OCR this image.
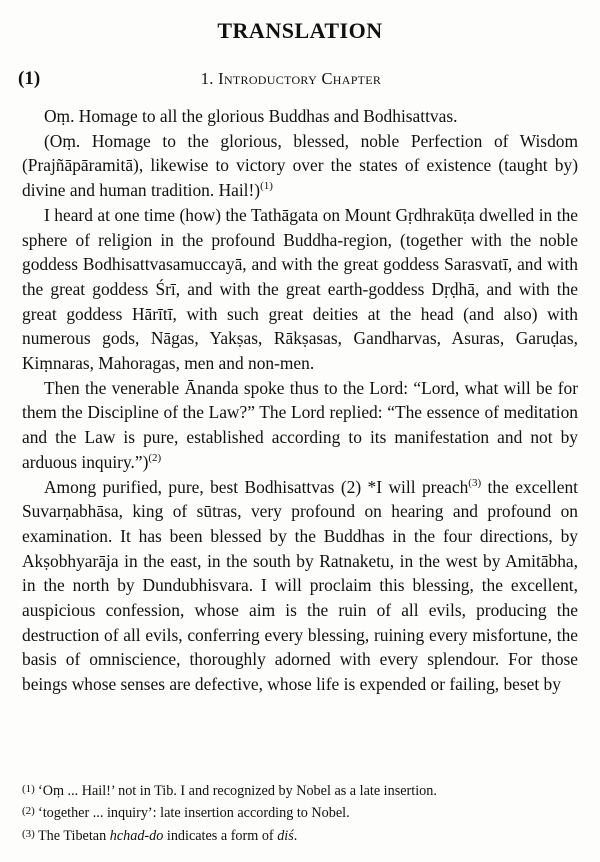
TRANSLATION
(1)	1. Introductory Chapter

Oṃ. Homage to all the glorious Buddhas and Bodhisattvas.

(Oṃ. Homage to the glorious, blessed, noble Perfection of Wisdom (Prajñāpāramitā), likewise to victory over the states of existence (taught by) divine and human tradition. Hail!)$^{(1)}$

I heard at one time (how) the Tathāgata on Mount Gṛdhrakūṭa dwelled in the sphere of religion in the profound Buddha-region, (together with the noble goddess Bodhisattvasamuccayā, and with the great goddess Sarasvatī, and with the great goddess Śrī, and with the great earth-goddess Dṛḍhā, and with the great goddess Hārītī, with such great deities at the head (and also) with numerous gods, Nāgas, Yakṣas, Rākṣasas, Gandharvas, Asuras, Garuḍas, Kiṃnaras, Mahoragas, men and non-men.

Then the venerable Ānanda spoke thus to the Lord: “Lord, what will be for them the Discipline of the Law?” The Lord replied: “The essence of meditation and the Law is pure, established according to its manifestation and not by arduous inquiry.”)$^{(2)}$

Among purified, pure, best Bodhisattvas (2) *I will preach$^{(3)}$ the excellent Suvarṇabhāsa, king of sūtras, very profound on hearing and profound on examination. It has been blessed by the Buddhas in the four directions, by Akṣobhyarāja in the east, in the south by Ratnaketu, in the west by Amitābha, in the north by Dundubhisvara. I will proclaim this blessing, the excellent, auspicious confession, whose aim is the ruin of all evils, producing the destruction of all evils, conferring every blessing, ruining every misfortune, the basis of omniscience, thoroughly adorned with every splendour. For those beings whose senses are defective, whose life is expended or failing, beset by

(1) ‘Oṃ ... Hail!’ not in Tib. I and recognized by Nobel as a late insertion.

(2) ‘together ... inquiry’: late insertion according to Nobel.

(3) The Tibetan hchad-do indicates a form of diś.
